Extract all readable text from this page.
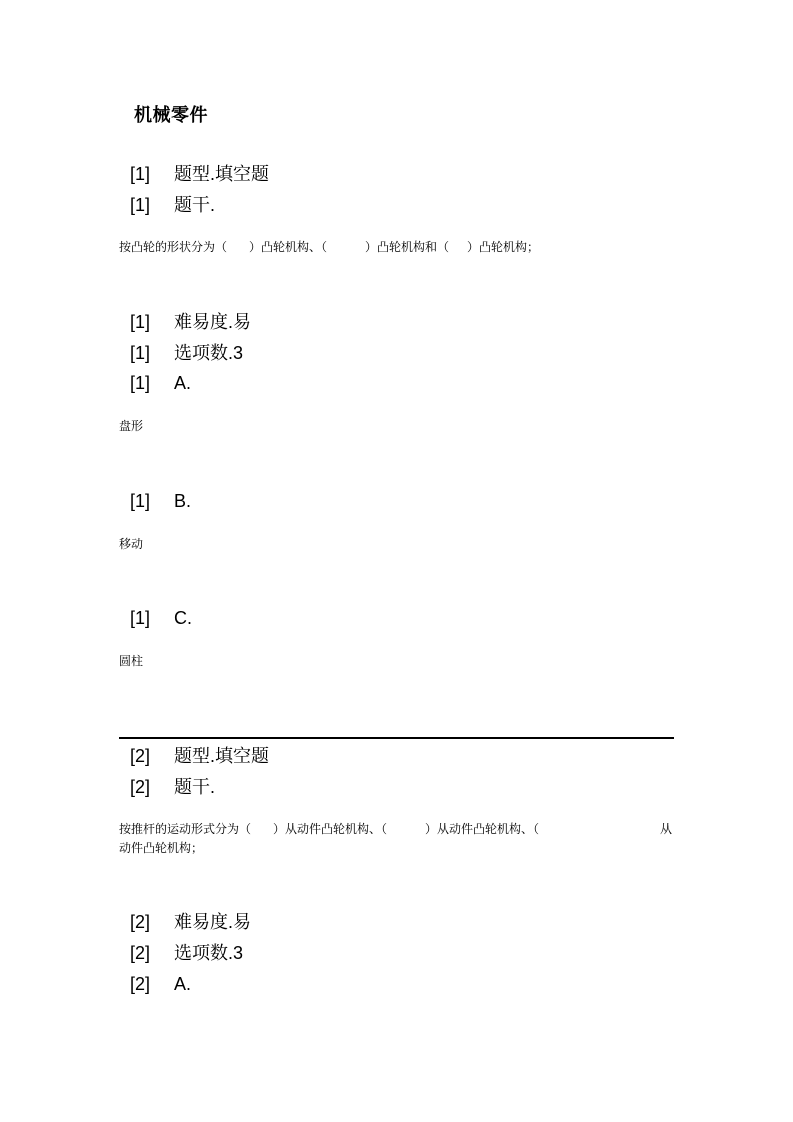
机械零件
[1] 题型.填空题
[1] 题干.
按凸轮的形状分为（ ）凸轮机构、（	）凸轮机构和（ ）凸轮机构；
[1] 难易度.易
[1] 选项数.3
[1] A.
盘形
[1] B.
移动
[1] C.
圆柱
[2] 题型.填空题
[2] 题干.
按推杆的运动形式分为（ ）从动件凸轮机构、（	）从动件凸轮机构、（	从
动件凸轮机构；
[2] 难易度.易
[2] 选项数.3
[2] A.
